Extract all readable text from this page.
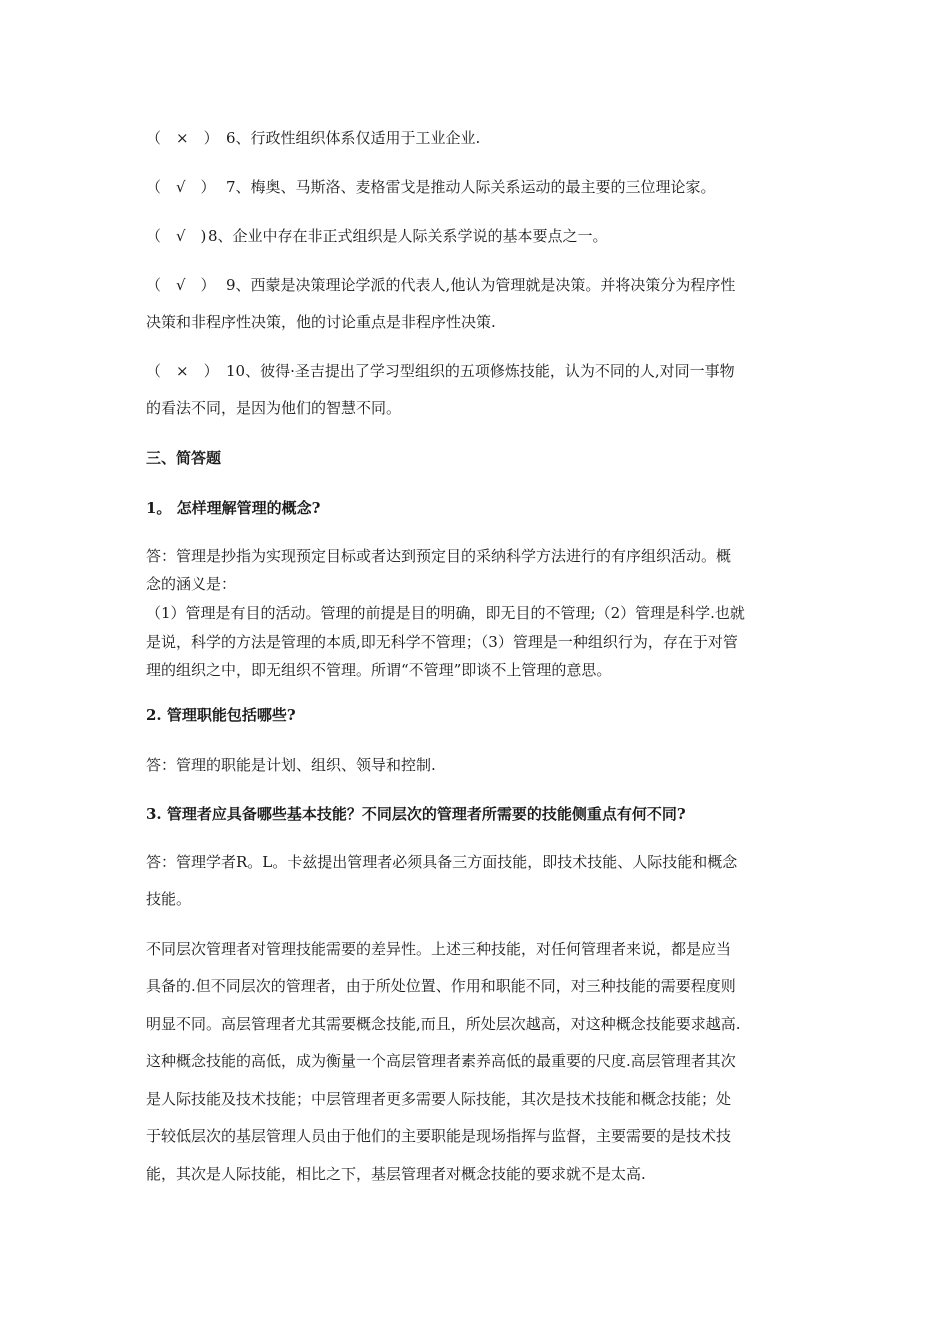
（　×　） 6、行政性组织体系仅适用于工业企业.
（　√　） 7、梅奥、马斯洛、麦格雷戈是推动人际关系运动的最主要的三位理论家。
（　√　) 8、企业中存在非正式组织是人际关系学说的基本要点之一。
（　√　） 9、西蒙是决策理论学派的代表人,他认为管理就是决策。并将决策分为程序性
决策和非程序性决策，他的讨论重点是非程序性决策.
（　×　） 10、彼得·圣吉提出了学习型组织的五项修炼技能，认为不同的人,对同一事物
的看法不同，是因为他们的智慧不同。
三、简答题
1。 怎样理解管理的概念?
答：管理是抄指为实现预定目标或者达到预定目的采纳科学方法进行的有序组织活动。概
念的涵义是：
（1）管理是有目的活动。管理的前提是目的明确，即无目的不管理;（2）管理是科学.也就
是说，科学的方法是管理的本质,即无科学不管理；（3）管理是一种组织行为，存在于对管
理的组织之中，即无组织不管理。所谓“不管理”即谈不上管理的意思。
2. 管理职能包括哪些?
答：管理的职能是计划、组织、领导和控制.
3. 管理者应具备哪些基本技能？不同层次的管理者所需要的技能侧重点有何不同?
答：管理学者R。L。卡兹提出管理者必须具备三方面技能，即技术技能、人际技能和概念
技能。
不同层次管理者对管理技能需要的差异性。上述三种技能，对任何管理者来说，都是应当
具备的.但不同层次的管理者，由于所处位置、作用和职能不同，对三种技能的需要程度则
明显不同。高层管理者尤其需要概念技能,而且，所处层次越高，对这种概念技能要求越高.
这种概念技能的高低，成为衡量一个高层管理者素养高低的最重要的尺度.高层管理者其次
是人际技能及技术技能；中层管理者更多需要人际技能，其次是技术技能和概念技能；处
于较低层次的基层管理人员由于他们的主要职能是现场指挥与监督，主要需要的是技术技
能，其次是人际技能，相比之下，基层管理者对概念技能的要求就不是太高.
